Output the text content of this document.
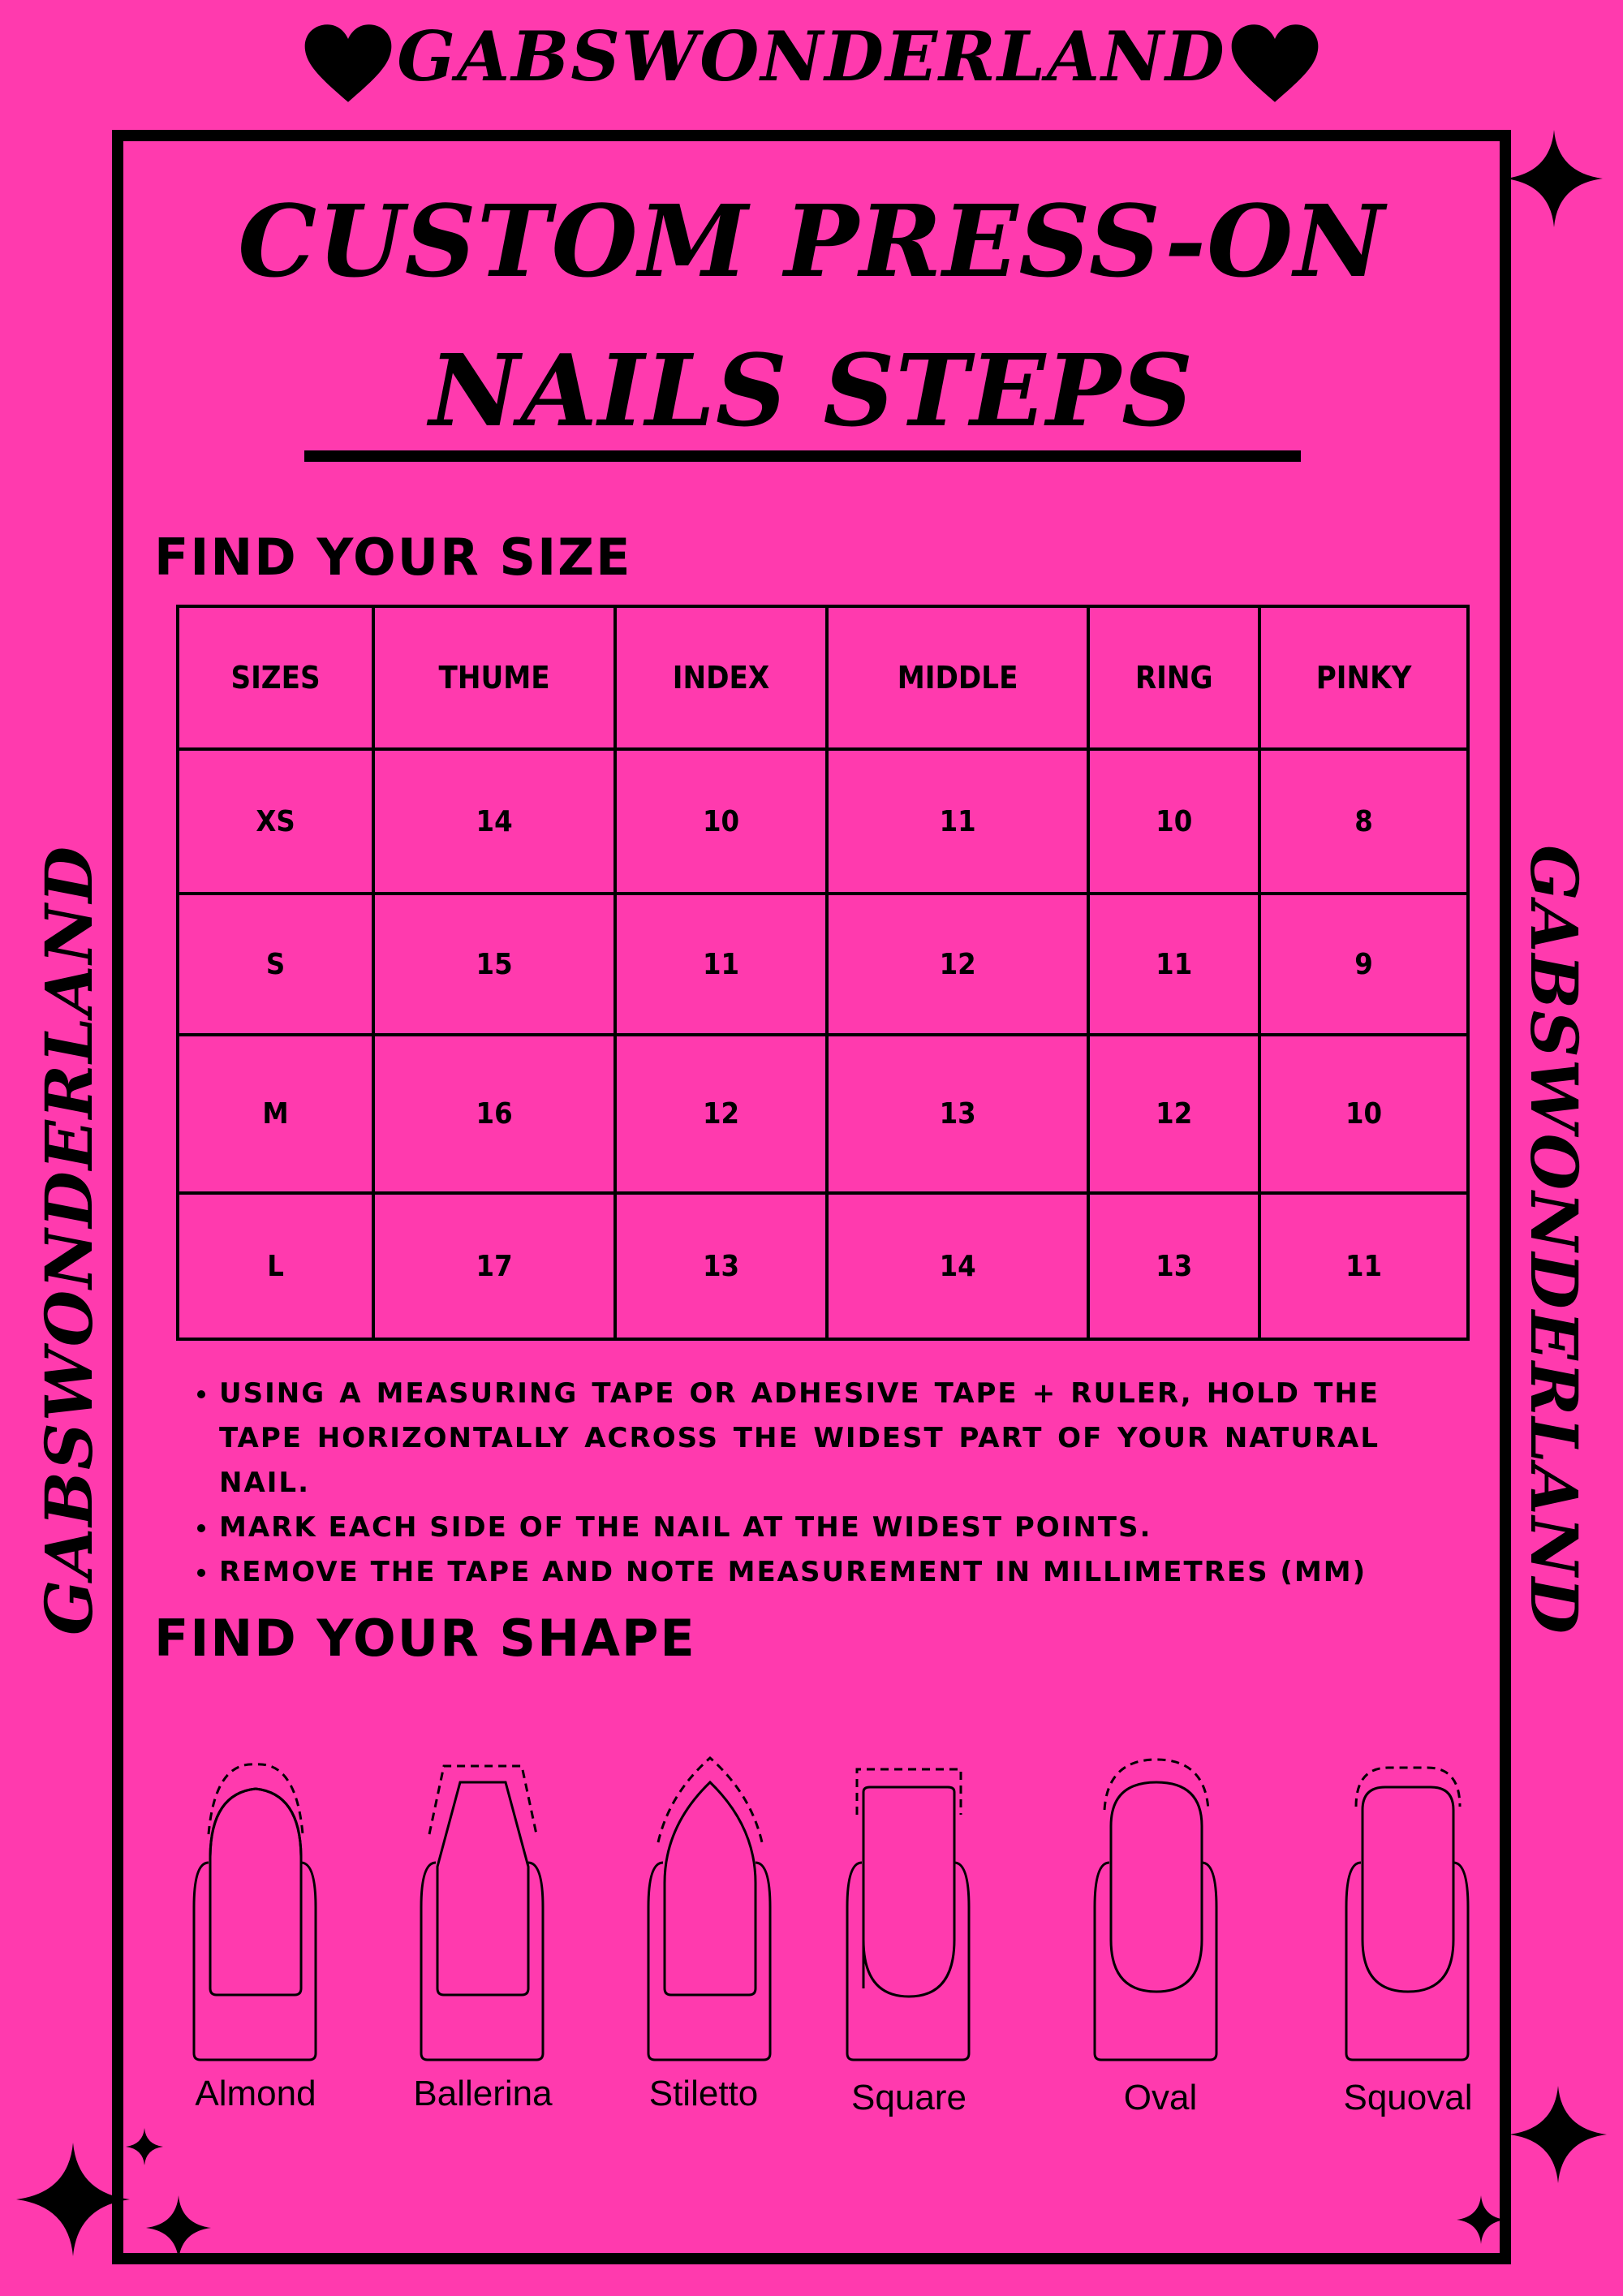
GABSWONDERLAND
GABSWONDERLAND	GABSWONDERLAND
CUSTOM PRESS-ON
NAILS STEPS
FIND YOUR SIZE
SIZES	THUME	INDEX	MIDDLE	RING	PINKY
XS	14	10	11	10	8
S	15	11	12	11	9
M	16	12	13	12	10
L	17	13	14	13	11
• USING A MEASURING TAPE OR ADHESIVE TAPE + RULER, HOLD THE TAPE HORIZONTALLY ACROSS THE WIDEST PART OF YOUR NATURAL NAIL.
• MARK EACH SIDE OF THE NAIL AT THE WIDEST POINTS.
• REMOVE THE TAPE AND NOTE MEASUREMENT IN MILLIMETRES (MM)
FIND YOUR SHAPE
Almond	Ballerina	Stiletto	Square	Oval	Squoval
